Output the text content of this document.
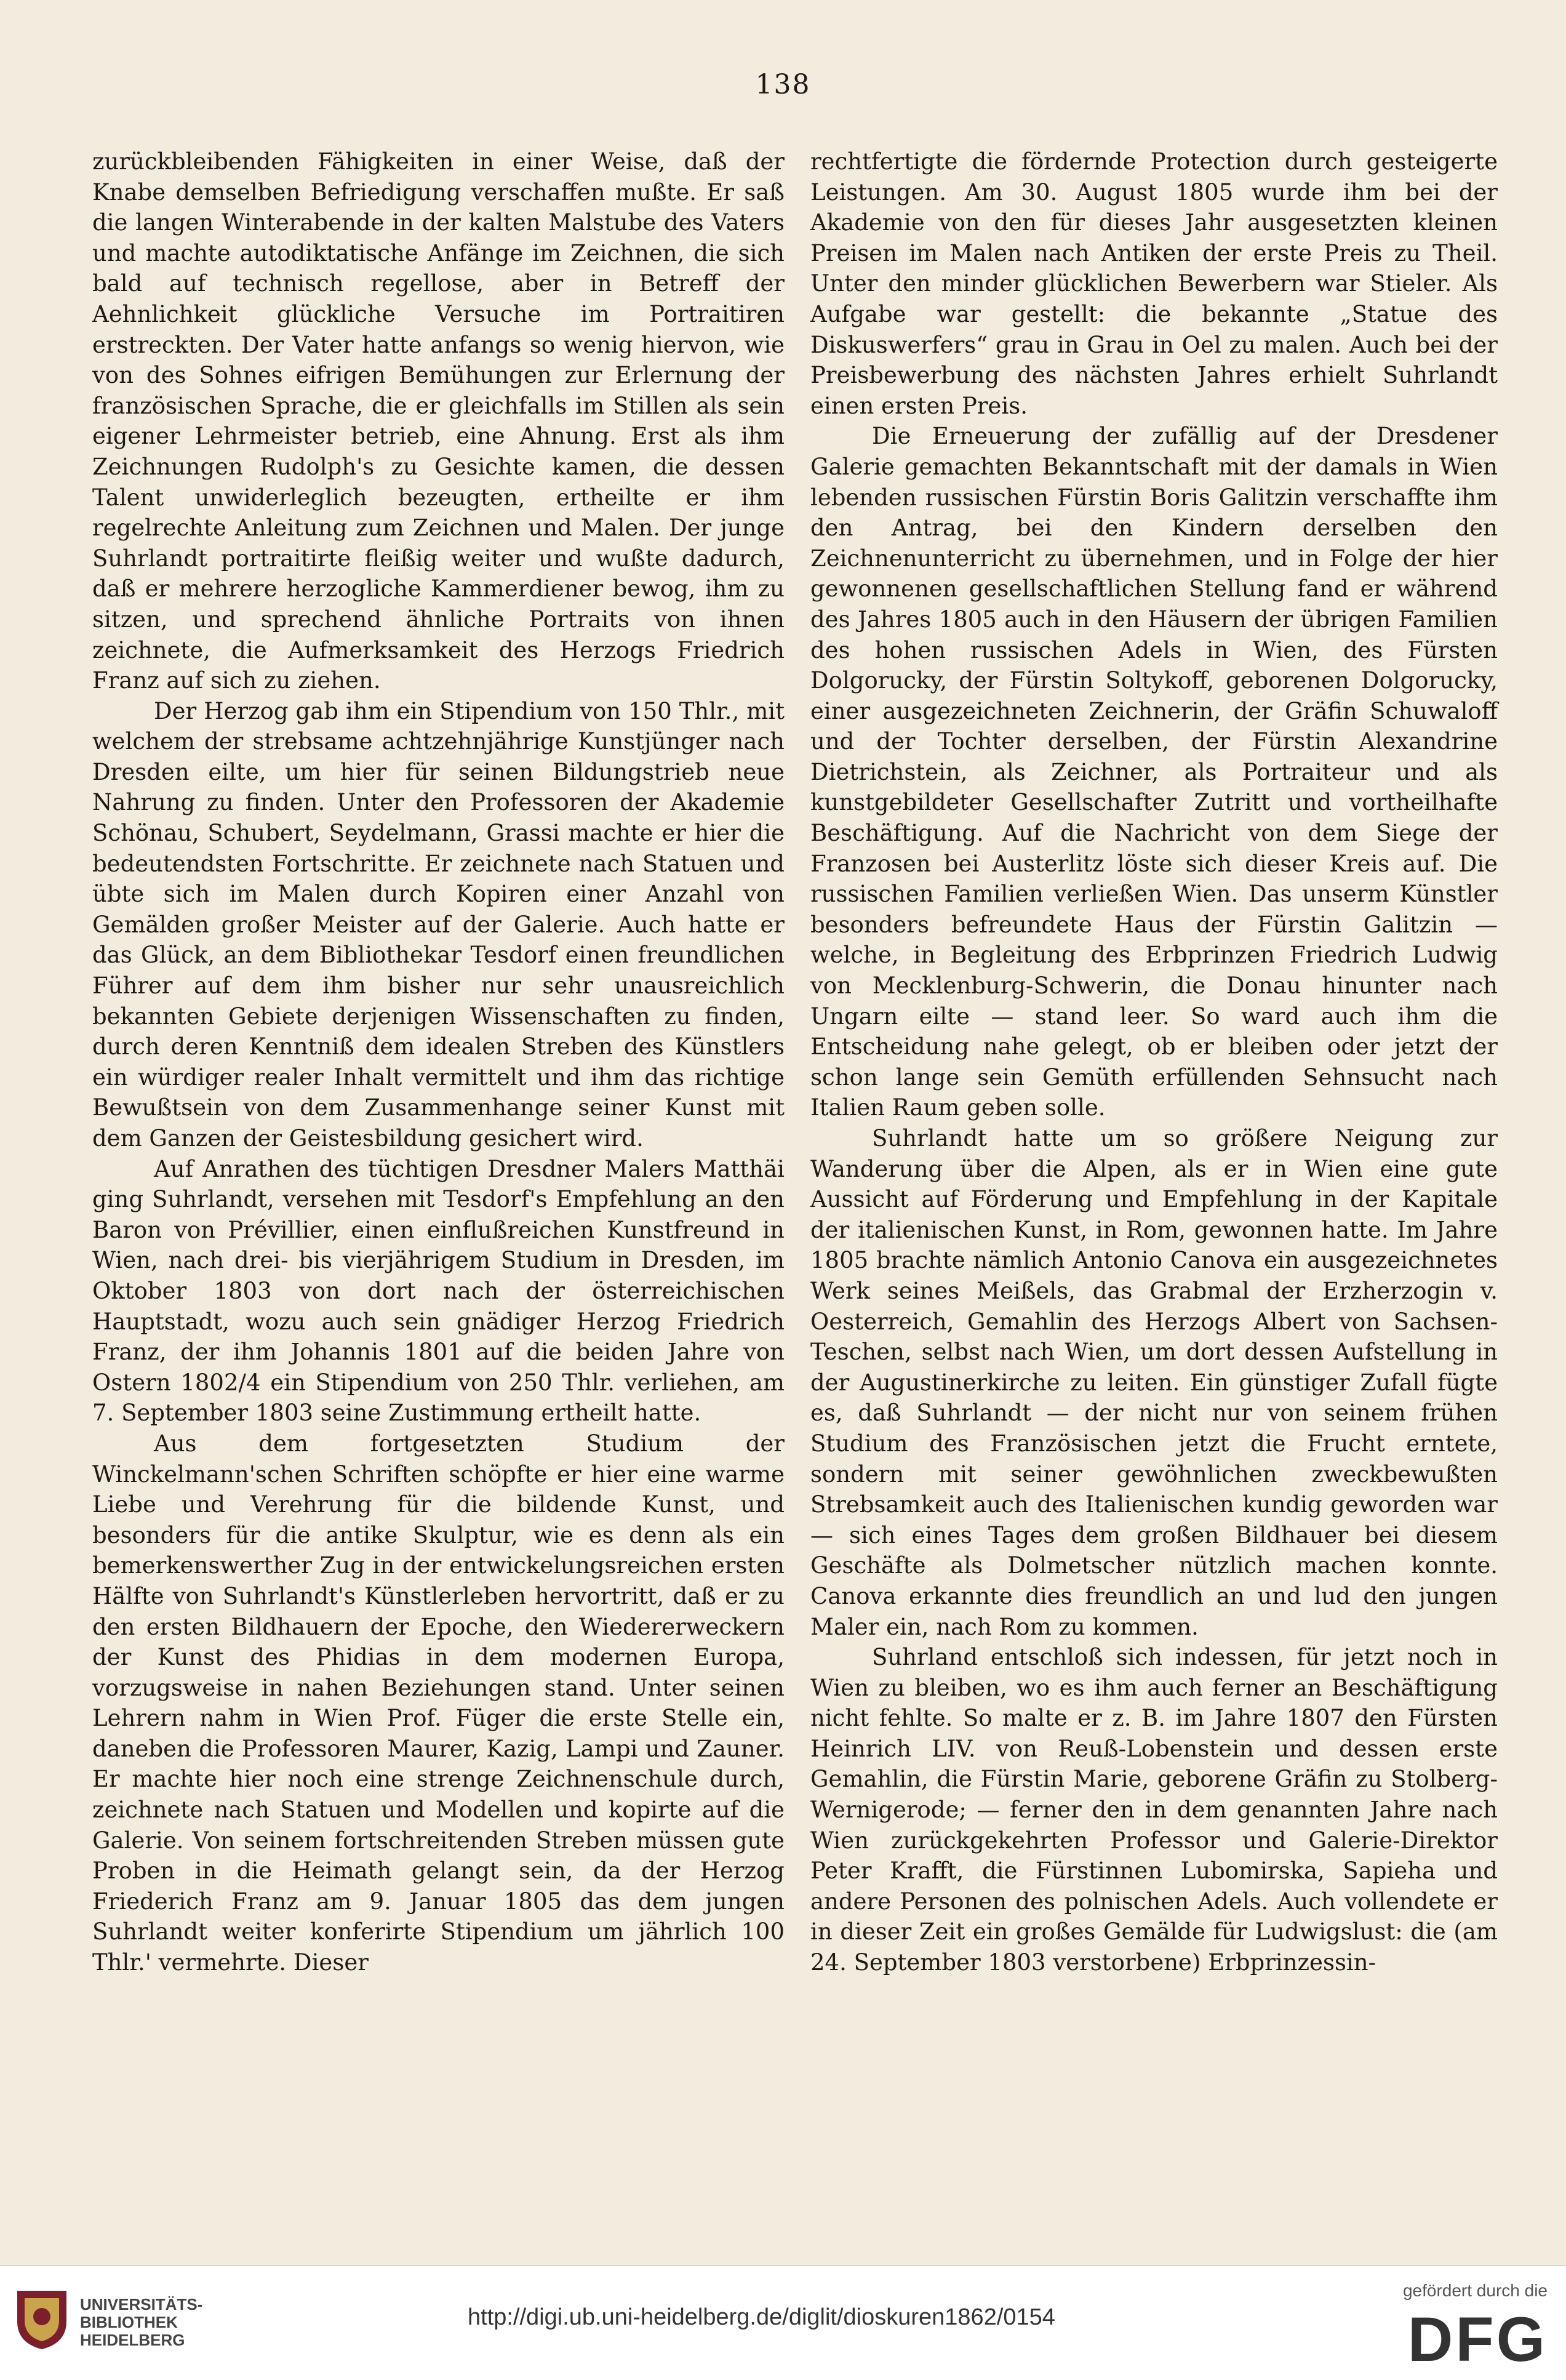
138

zurückbleibenden Fähigkeiten in einer Weise, daß der Knabe demselben Befriedigung verschaffen mußte. Er saß die langen Winterabende in der kalten Malstube des Vaters und machte autodiktatische Anfänge im Zeichnen, die sich bald auf technisch regellose, aber in Betreff der Aehnlichkeit glückliche Versuche im Portraitiren erstreckten. Der Vater hatte anfangs so wenig hiervon, wie von des Sohnes eifrigen Bemühungen zur Erlernung der französischen Sprache, die er gleichfalls im Stillen als sein eigener Lehrmeister betrieb, eine Ahnung. Erst als ihm Zeichnungen Rudolph's zu Gesichte kamen, die dessen Talent unwiderleglich bezeugten, ertheilte er ihm regelrechte Anleitung zum Zeichnen und Malen. Der junge Suhrlandt portraitirte fleißig weiter und wußte dadurch, daß er mehrere herzogliche Kammerdiener bewog, ihm zu sitzen, und sprechend ähnliche Portraits von ihnen zeichnete, die Aufmerksamkeit des Herzogs Friedrich Franz auf sich zu ziehen.

Der Herzog gab ihm ein Stipendium von 150 Thlr., mit welchem der strebsame achtzehnjährige Kunstjünger nach Dresden eilte, um hier für seinen Bildungstrieb neue Nahrung zu finden. Unter den Professoren der Akademie Schönau, Schubert, Seydelmann, Grassi machte er hier die bedeutendsten Fortschritte. Er zeichnete nach Statuen und übte sich im Malen durch Kopiren einer Anzahl von Gemälden großer Meister auf der Galerie. Auch hatte er das Glück, an dem Bibliothekar Tesdorf einen freundlichen Führer auf dem ihm bisher nur sehr unausreichlich bekannten Gebiete derjenigen Wissenschaften zu finden, durch deren Kenntniß dem idealen Streben des Künstlers ein würdiger realer Inhalt vermittelt und ihm das richtige Bewußtsein von dem Zusammenhange seiner Kunst mit dem Ganzen der Geistesbildung gesichert wird.

Auf Anrathen des tüchtigen Dresdner Malers Matthäi ging Suhrlandt, versehen mit Tesdorf's Empfehlung an den Baron von Prévillier, einen einflußreichen Kunstfreund in Wien, nach drei- bis vierjährigem Studium in Dresden, im Oktober 1803 von dort nach der österreichischen Hauptstadt, wozu auch sein gnädiger Herzog Friedrich Franz, der ihm Johannis 1801 auf die beiden Jahre von Ostern 1802/4 ein Stipendium von 250 Thlr. verliehen, am 7. September 1803 seine Zustimmung ertheilt hatte.

Aus dem fortgesetzten Studium der Winckelmann'schen Schriften schöpfte er hier eine warme Liebe und Verehrung für die bildende Kunst, und besonders für die antike Skulptur, wie es denn als ein bemerkenswerther Zug in der entwickelungsreichen ersten Hälfte von Suhrlandt's Künstlerleben hervortritt, daß er zu den ersten Bildhauern der Epoche, den Wiedererweckern der Kunst des Phidias in dem modernen Europa, vorzugsweise in nahen Beziehungen stand. Unter seinen Lehrern nahm in Wien Prof. Füger die erste Stelle ein, daneben die Professoren Maurer, Kazig, Lampi und Zauner. Er machte hier noch eine strenge Zeichnenschule durch, zeichnete nach Statuen und Modellen und kopirte auf die Galerie. Von seinem fortschreitenden Streben müssen gute Proben in die Heimath gelangt sein, da der Herzog Friederich Franz am 9. Januar 1805 das dem jungen Suhrlandt weiter konferirte Stipendium um jährlich 100 Thlr.' vermehrte. Dieser

rechtfertigte die fördernde Protection durch gesteigerte Leistungen. Am 30. August 1805 wurde ihm bei der Akademie von den für dieses Jahr ausgesetzten kleinen Preisen im Malen nach Antiken der erste Preis zu Theil. Unter den minder glücklichen Bewerbern war Stieler. Als Aufgabe war gestellt: die bekannte „Statue des Diskuswerfers“ grau in Grau in Oel zu malen. Auch bei der Preisbewerbung des nächsten Jahres erhielt Suhrlandt einen ersten Preis.

Die Erneuerung der zufällig auf der Dresdener Galerie gemachten Bekanntschaft mit der damals in Wien lebenden russischen Fürstin Boris Galitzin verschaffte ihm den Antrag, bei den Kindern derselben den Zeichnenunterricht zu übernehmen, und in Folge der hier gewonnenen gesellschaftlichen Stellung fand er während des Jahres 1805 auch in den Häusern der übrigen Familien des hohen russischen Adels in Wien, des Fürsten Dolgorucky, der Fürstin Soltykoff, geborenen Dolgorucky, einer ausgezeichneten Zeichnerin, der Gräfin Schuwaloff und der Tochter derselben, der Fürstin Alexandrine Dietrichstein, als Zeichner, als Portraiteur und als kunstgebildeter Gesellschafter Zutritt und vortheilhafte Beschäftigung. Auf die Nachricht von dem Siege der Franzosen bei Austerlitz löste sich dieser Kreis auf. Die russischen Familien verließen Wien. Das unserm Künstler besonders befreundete Haus der Fürstin Galitzin — welche, in Begleitung des Erbprinzen Friedrich Ludwig von Mecklenburg-Schwerin, die Donau hinunter nach Ungarn eilte — stand leer. So ward auch ihm die Entscheidung nahe gelegt, ob er bleiben oder jetzt der schon lange sein Gemüth erfüllenden Sehnsucht nach Italien Raum geben solle.

Suhrlandt hatte um so größere Neigung zur Wanderung über die Alpen, als er in Wien eine gute Aussicht auf Förderung und Empfehlung in der Kapitale der italienischen Kunst, in Rom, gewonnen hatte. Im Jahre 1805 brachte nämlich Antonio Canova ein ausgezeichnetes Werk seines Meißels, das Grabmal der Erzherzogin v. Oesterreich, Gemahlin des Herzogs Albert von Sachsen-Teschen, selbst nach Wien, um dort dessen Aufstellung in der Augustinerkirche zu leiten. Ein günstiger Zufall fügte es, daß Suhrlandt — der nicht nur von seinem frühen Studium des Französischen jetzt die Frucht erntete, sondern mit seiner gewöhnlichen zweckbewußten Strebsamkeit auch des Italienischen kundig geworden war — sich eines Tages dem großen Bildhauer bei diesem Geschäfte als Dolmetscher nützlich machen konnte. Canova erkannte dies freundlich an und lud den jungen Maler ein, nach Rom zu kommen.

Suhrland entschloß sich indessen, für jetzt noch in Wien zu bleiben, wo es ihm auch ferner an Beschäftigung nicht fehlte. So malte er z. B. im Jahre 1807 den Fürsten Heinrich LIV. von Reuß-Lobenstein und dessen erste Gemahlin, die Fürstin Marie, geborene Gräfin zu Stolberg-Wernigerode; — ferner den in dem genannten Jahre nach Wien zurückgekehrten Professor und Galerie-Direktor Peter Krafft, die Fürstinnen Lubomirska, Sapieha und andere Personen des polnischen Adels. Auch vollendete er in dieser Zeit ein großes Gemälde für Ludwigslust: die (am 24. September 1803 verstorbene) Erbprinzessin-

UNIVERSITÄTS-
BIBLIOTHEK
HEIDELBERG
http://digi.ub.uni-heidelberg.de/diglit/dioskuren1862/0154
gefördert durch die
DFG
